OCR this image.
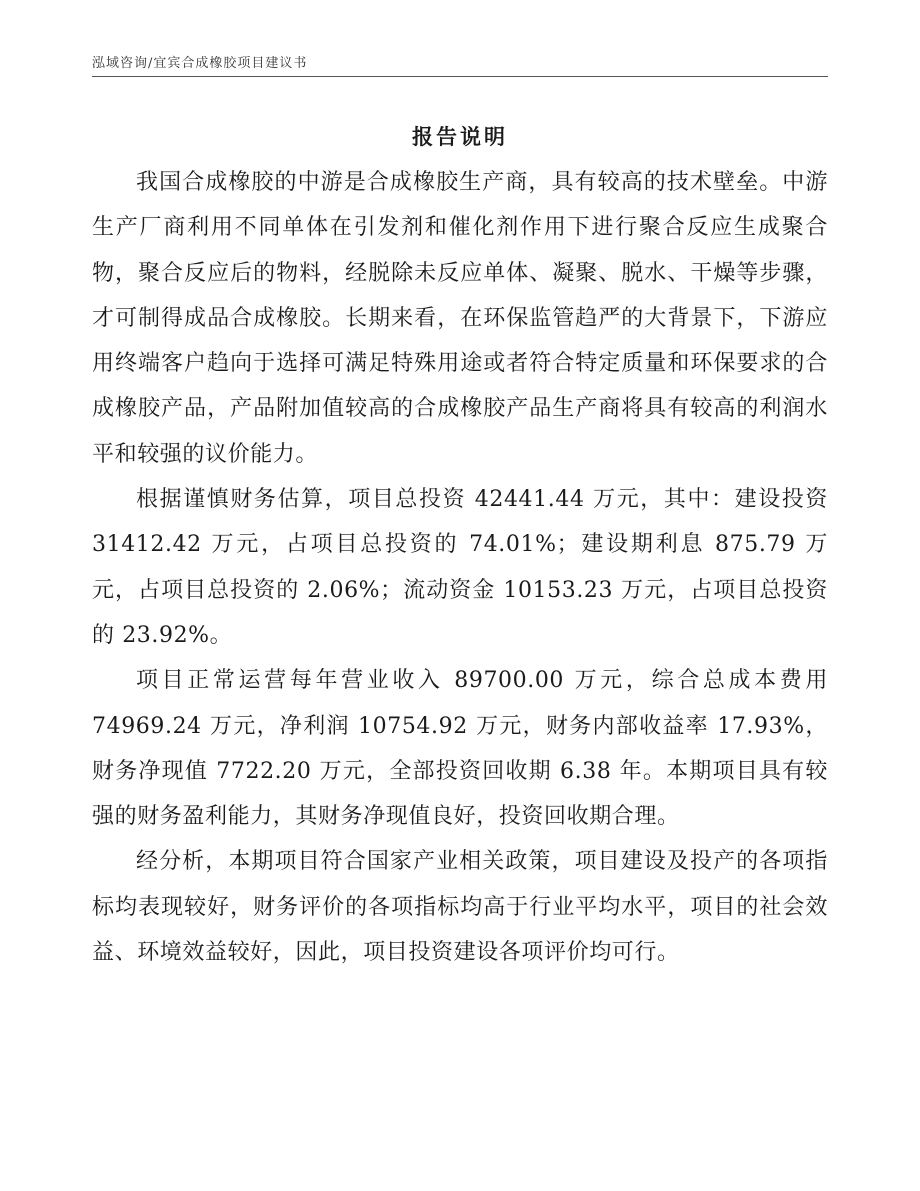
泓域咨询/宜宾合成橡胶项目建议书
报告说明

我国合成橡胶的中游是合成橡胶生产商，具有较高的技术壁垒。中游生产厂商利用不同单体在引发剂和催化剂作用下进行聚合反应生成聚合物，聚合反应后的物料，经脱除未反应单体、凝聚、脱水、干燥等步骤，才可制得成品合成橡胶。长期来看，在环保监管趋严的大背景下，下游应用终端客户趋向于选择可满足特殊用途或者符合特定质量和环保要求的合成橡胶产品，产品附加值较高的合成橡胶产品生产商将具有较高的利润水平和较强的议价能力。

根据谨慎财务估算，项目总投资 42441.44 万元，其中：建设投资 31412.42 万元，占项目总投资的 74.01%；建设期利息 875.79 万元，占项目总投资的 2.06%；流动资金 10153.23 万元，占项目总投资的 23.92%。

项目正常运营每年营业收入 89700.00 万元，综合总成本费用 74969.24 万元，净利润 10754.92 万元，财务内部收益率 17.93%，财务净现值 7722.20 万元，全部投资回收期 6.38 年。本期项目具有较强的财务盈利能力，其财务净现值良好，投资回收期合理。

经分析，本期项目符合国家产业相关政策，项目建设及投产的各项指标均表现较好，财务评价的各项指标均高于行业平均水平，项目的社会效益、环境效益较好，因此，项目投资建设各项评价均可行。
